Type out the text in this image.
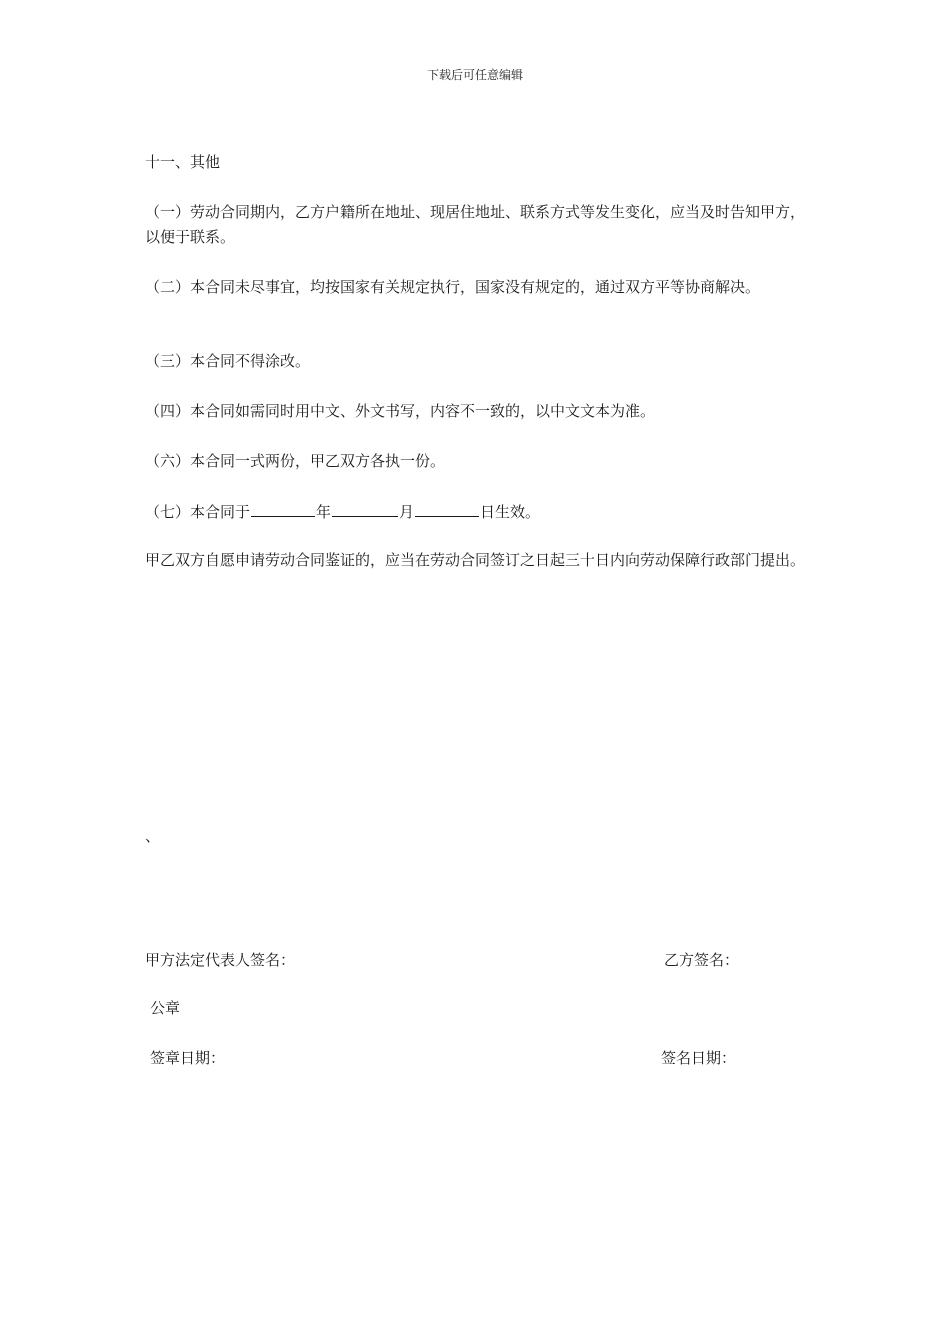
下载后可任意编辑

十一、其他

（一）劳动合同期内，乙方户籍所在地址、现居住地址、联系方式等发生变化，应当及时告知甲方，以便于联系。

（二）本合同未尽事宜，均按国家有关规定执行，国家没有规定的，通过双方平等协商解决。

（三）本合同不得涂改。

（四）本合同如需同时用中文、外文书写，内容不一致的，以中文文本为准。

（六）本合同一式两份，甲乙双方各执一份。

（七）本合同于	年	月	日生效。

甲乙双方自愿申请劳动合同鉴证的，应当在劳动合同签订之日起三十日内向劳动保障行政部门提出。

、

甲方法定代表人签名：	乙方签名：

公章

签章日期：	签名日期：
